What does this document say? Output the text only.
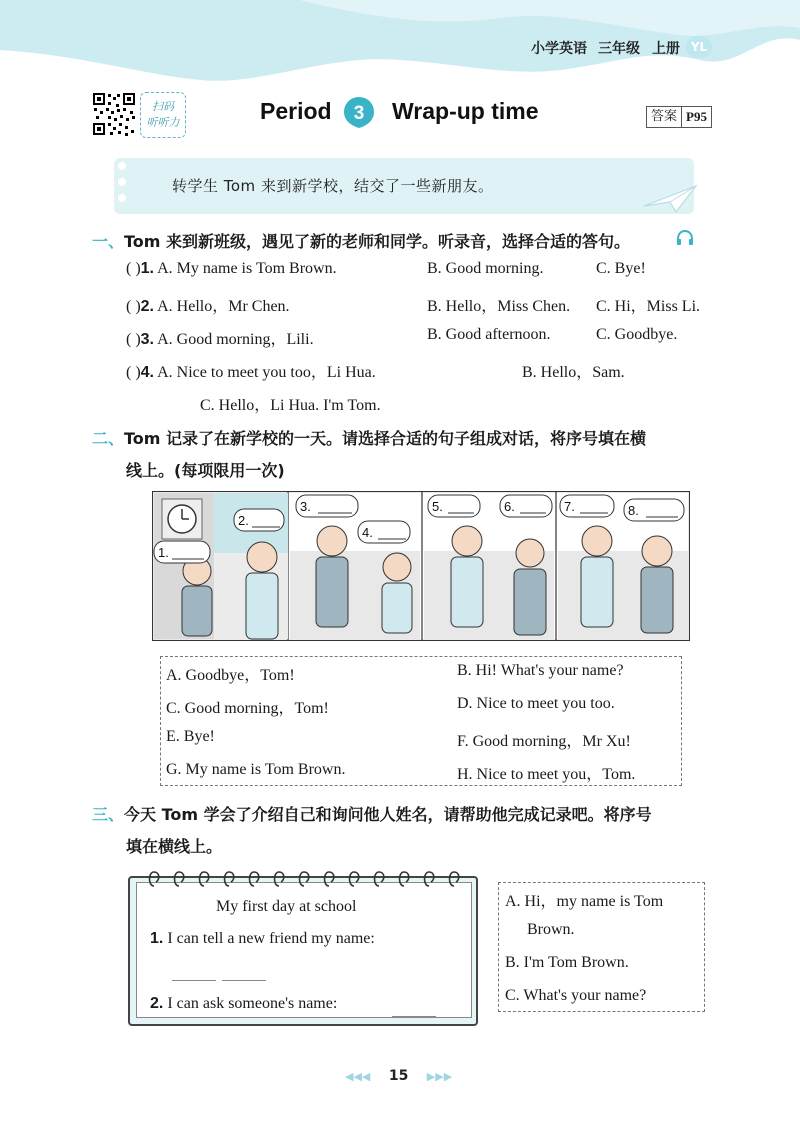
小学英语 三年级 上册 YL
扫码
听听力	Period 3 Wrap-up time	答案 P95
转学生 Tom 来到新学校，结交了一些新朋友。
一、Tom 来到新班级，遇见了新的老师和同学。听录音，选择合适的答句。
( )1. A. My name is Tom Brown.	B. Good morning.	C. Bye!
( )2. A. Hello，Mr Chen.	B. Hello，Miss Chen. C. Hi，Miss Li.
( )3. A. Good morning，Lili.	B. Good afternoon.	C. Goodbye.
( )4. A. Nice to meet you too，Li Hua.	B. Hello，Sam.
C. Hello，Li Hua. I'm Tom.
二、Tom 记录了在新学校的一天。请选择合适的句子组成对话，将序号填在横
线上。(每项限用一次)
2.
3.
4.
5.	6.	7.	8.
1.
A. Goodbye，Tom!	B. Hi! What's your name?
C. Good morning，Tom!	D. Nice to meet you too.
E. Bye!	F. Good morning，Mr Xu!
G. My name is Tom Brown.	H. Nice to meet you，Tom.
三、今天 Tom 学会了介绍自己和询问他人姓名，请帮助他完成记录吧。将序号
填在横线上。
My first day at school
1. I can tell a new friend my name:
2. I can ask someone's name:
A. Hi，my name is Tom
Brown.
B. I'm Tom Brown.
C. What's your name?
◀◀◀ 15 ▶▶▶
